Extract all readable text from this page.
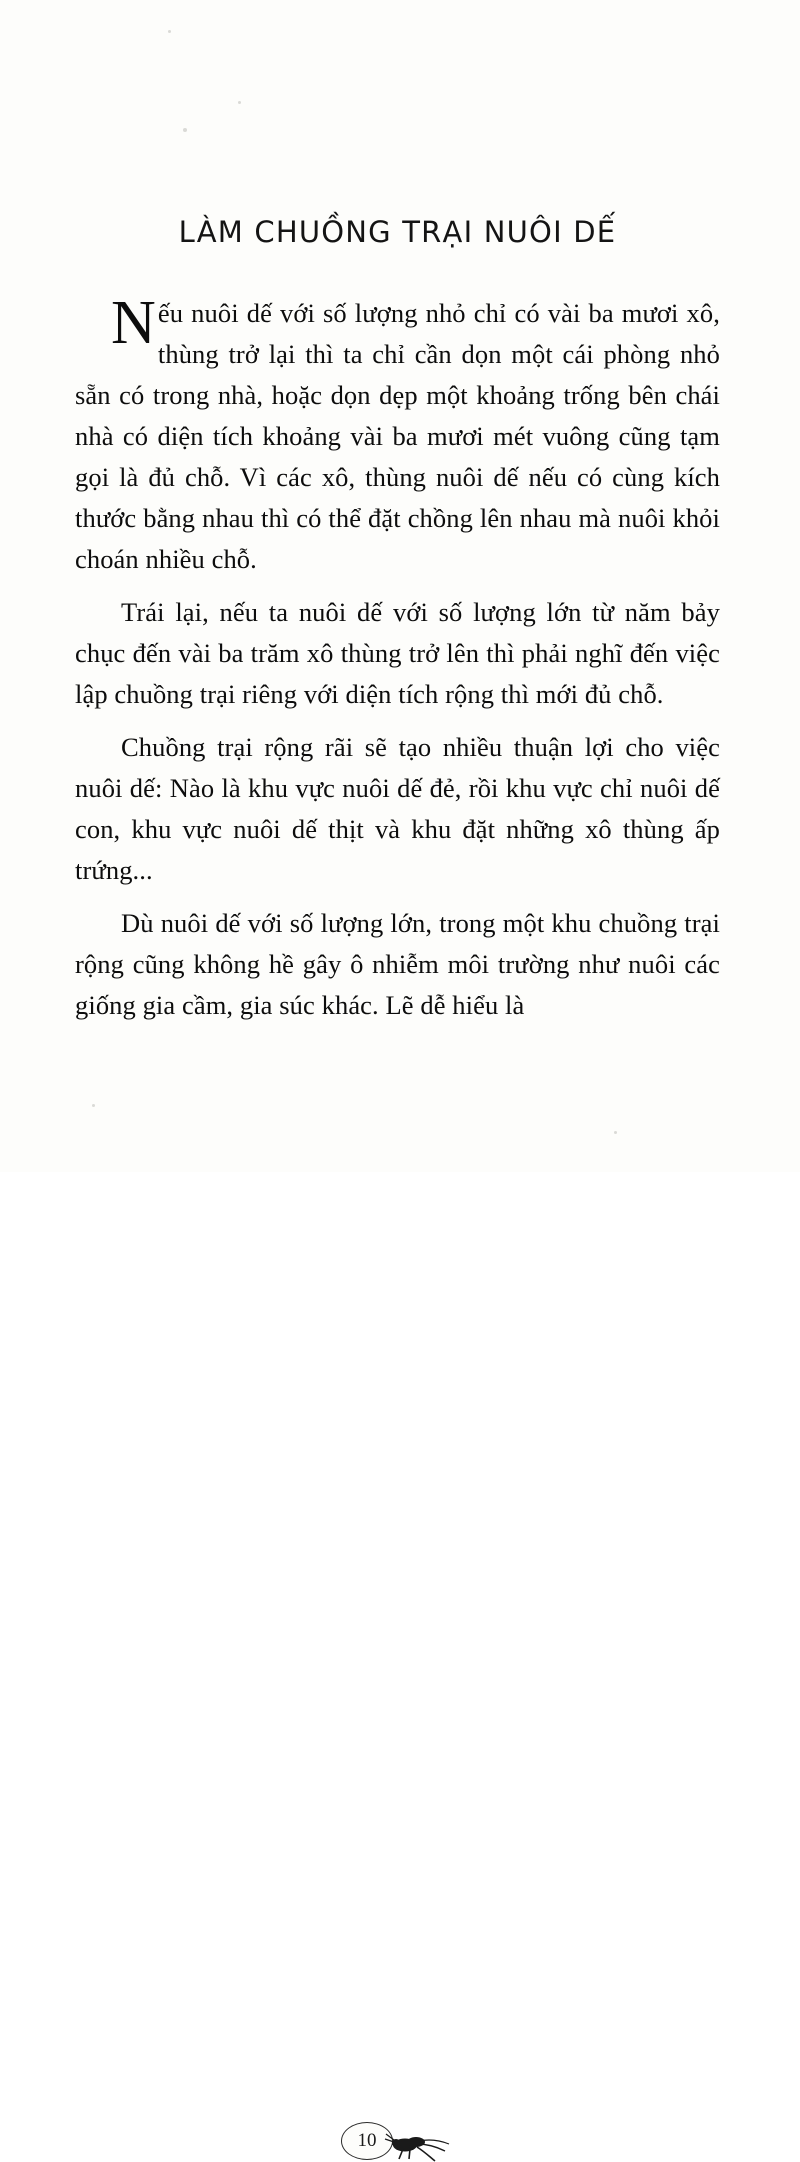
LÀM CHUỒNG TRẠI NUÔI DẾ

Nếu nuôi dế với số lượng nhỏ chỉ có vài ba mươi xô, thùng trở lại thì ta chỉ cần dọn một cái phòng nhỏ sẵn có trong nhà, hoặc dọn dẹp một khoảng trống bên chái nhà có diện tích khoảng vài ba mươi mét vuông cũng tạm gọi là đủ chỗ. Vì các xô, thùng nuôi dế nếu có cùng kích thước bằng nhau thì có thể đặt chồng lên nhau mà nuôi khỏi choán nhiều chỗ.

Trái lại, nếu ta nuôi dế với số lượng lớn từ năm bảy chục đến vài ba trăm xô thùng trở lên thì phải nghĩ đến việc lập chuồng trại riêng với diện tích rộng thì mới đủ chỗ.

Chuồng trại rộng rãi sẽ tạo nhiều thuận lợi cho việc nuôi dế: Nào là khu vực nuôi dế đẻ, rồi khu vực chỉ nuôi dế con, khu vực nuôi dế thịt và khu đặt những xô thùng ấp trứng...

Dù nuôi dế với số lượng lớn, trong một khu chuồng trại rộng cũng không hề gây ô nhiễm môi trường như nuôi các giống gia cầm, gia súc khác. Lẽ dễ hiểu là

10
